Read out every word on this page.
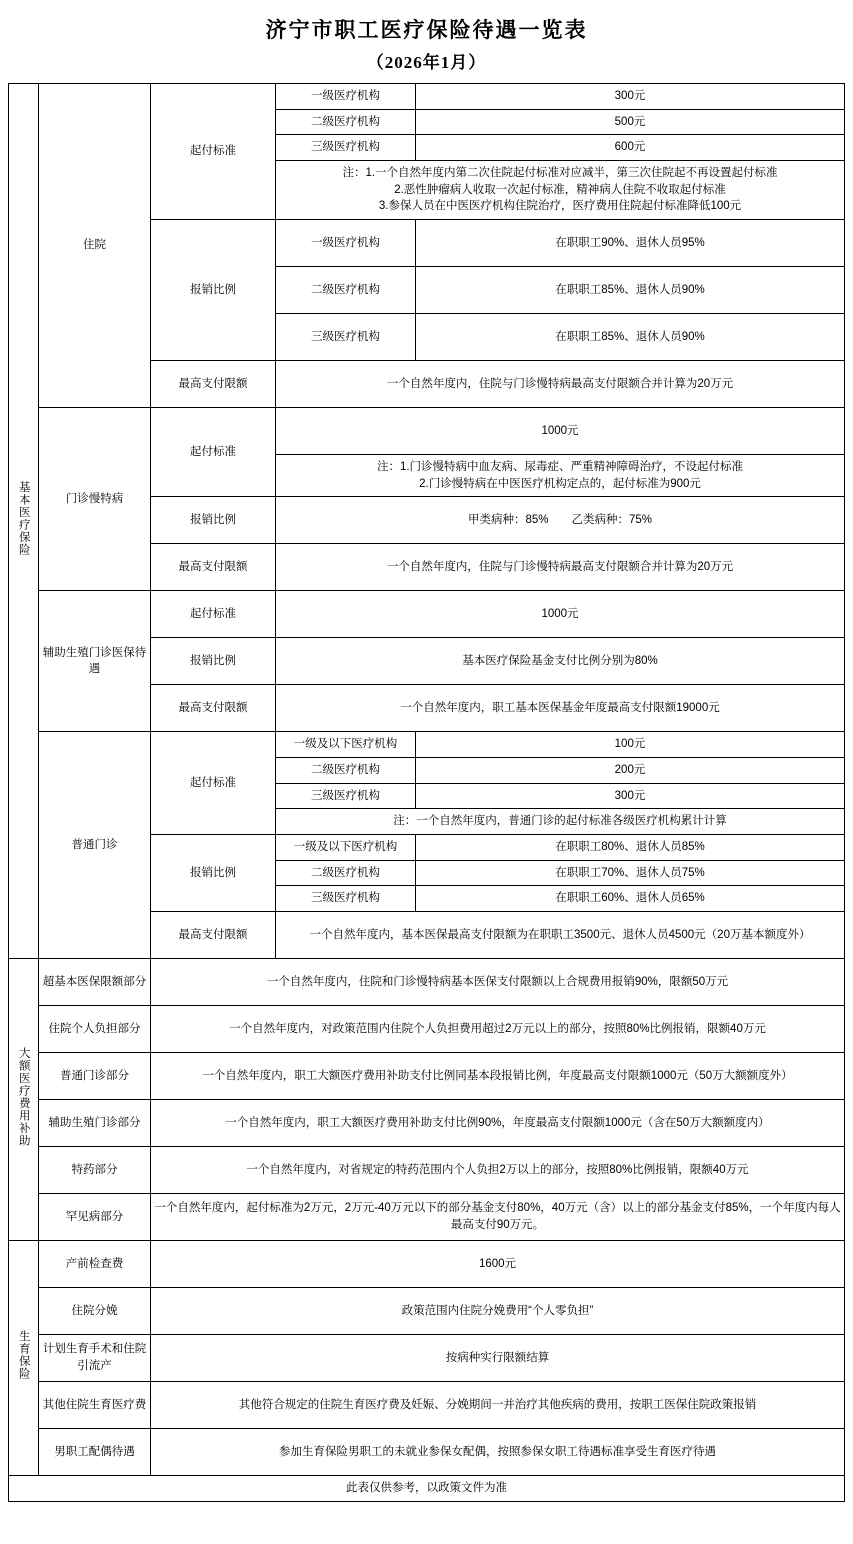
济宁市职工医疗保险待遇一览表
（2026年1月）
基本医疗保险	住院	起付标准	一级医疗机构	300元
			二级医疗机构	500元
			三级医疗机构	600元

			注：1.一个自然年度内第二次住院起付标准对应减半，第三次住院起不再设置起付标准
2.恶性肿瘤病人收取一次起付标准，精神病人住院不收取起付标准
3.参保人员在中医医疗机构住院治疗，医疗费用住院起付标准降低100元	

		报销比例	一级医疗机构	在职职工90%、退休人员95%
			二级医疗机构	在职职工85%、退休人员90%
			三级医疗机构	在职职工85%、退休人员90%
		最高支付限额	一个自然年度内，住院与门诊慢特病最高支付限额合并计算为20万元	
	门诊慢特病	起付标准	1000元	

			注：1.门诊慢特病中血友病、尿毒症、严重精神障碍治疗，不设起付标准
2.门诊慢特病在中医医疗机构定点的，起付标准为900元	

		报销比例	甲类病种：85%　　乙类病种：75%	
		最高支付限额	一个自然年度内，住院与门诊慢特病最高支付限额合并计算为20万元	
	辅助生殖门诊医保待遇	起付标准	1000元	
		报销比例	基本医疗保险基金支付比例分别为80%	
		最高支付限额	一个自然年度内，职工基本医保基金年度最高支付限额19000元	
	普通门诊	起付标准	一级及以下医疗机构	100元
			二级医疗机构	200元
			三级医疗机构	300元
			注：一个自然年度内，普通门诊的起付标准各级医疗机构累计计算	
		报销比例	一级及以下医疗机构	在职职工80%、退休人员85%
			二级医疗机构	在职职工70%、退休人员75%
			三级医疗机构	在职职工60%、退休人员65%
		最高支付限额	一个自然年度内，基本医保最高支付限额为在职职工3500元、退休人员4500元（20万基本额度外）	
大额医疗费用补助	超基本医保限额部分	一个自然年度内，住院和门诊慢特病基本医保支付限额以上合规费用报销90%，限额50万元		
	住院个人负担部分	一个自然年度内，对政策范围内住院个人负担费用超过2万元以上的部分，按照80%比例报销，限额40万元		
	普通门诊部分	一个自然年度内，职工大额医疗费用补助支付比例同基本段报销比例，年度最高支付限额1000元（50万大额额度外）		
	辅助生殖门诊部分	一个自然年度内，职工大额医疗费用补助支付比例90%，年度最高支付限额1000元（含在50万大额额度内）		
	特药部分	一个自然年度内，对省规定的特药范围内个人负担2万以上的部分，按照80%比例报销，限额40万元		
	罕见病部分	一个自然年度内，起付标准为2万元，2万元-40万元以下的部分基金支付80%，40万元（含）以上的部分基金支付85%，一个年度内每人最高支付90万元。		
生育保险	产前检查费	1600元		
	住院分娩	政策范围内住院分娩费用“个人零负担”		
	计划生育手术和住院引流产	按病种实行限额结算		
	其他住院生育医疗费	其他符合规定的住院生育医疗费及妊娠、分娩期间一并治疗其他疾病的费用，按职工医保住院政策报销		
	男职工配偶待遇	参加生育保险男职工的未就业参保女配偶，按照参保女职工待遇标准享受生育医疗待遇		
此表仅供参考，以政策文件为准				
